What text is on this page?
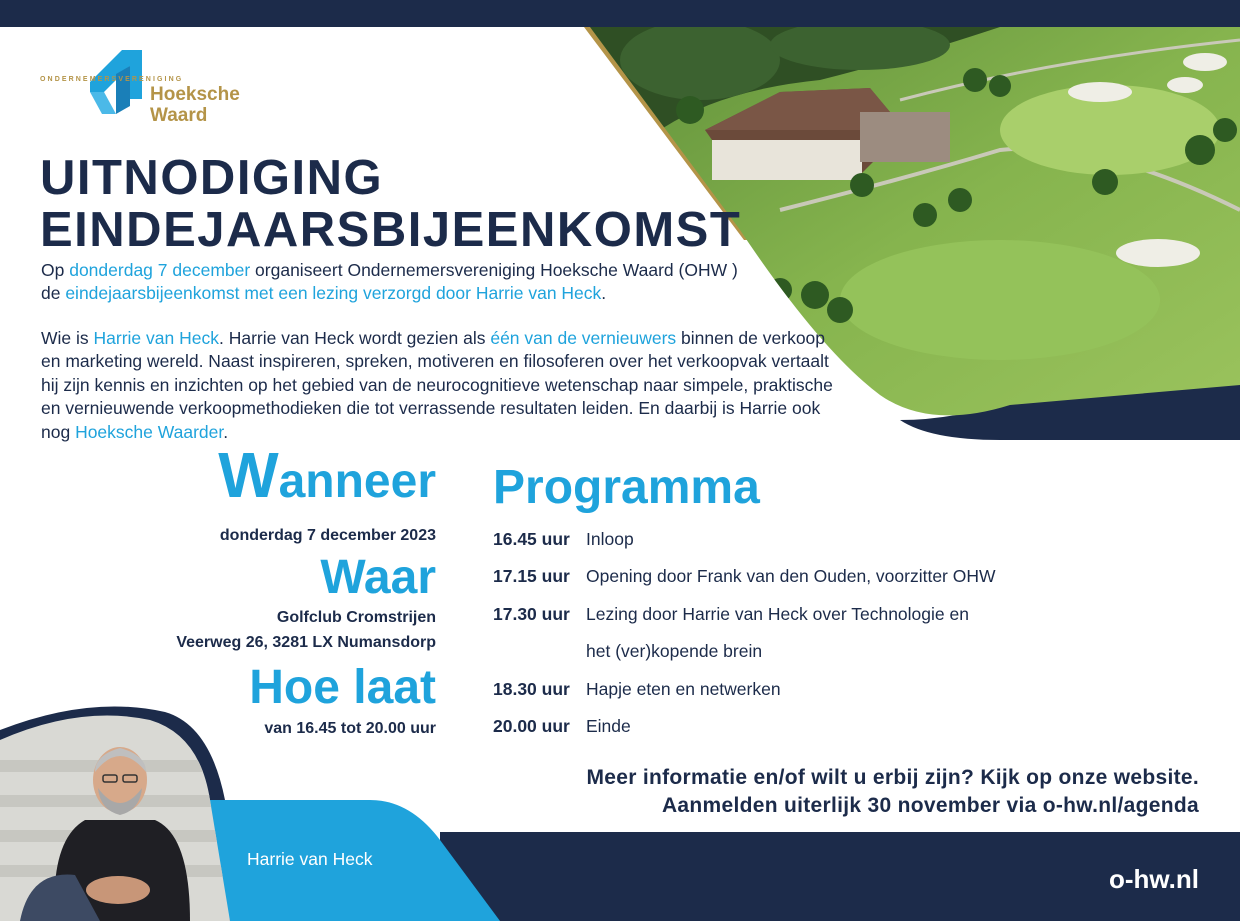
ONDERNEMERSVERENIGING
Hoeksche
Waard
UITNODIGING
EINDEJAARSBIJEENKOMST
Op donderdag 7 december organiseert Ondernemersvereniging Hoeksche Waard (OHW )
de eindejaarsbijeenkomst met een lezing verzorgd door Harrie van Heck.
Wie is Harrie van Heck. Harrie van Heck wordt gezien als één van de vernieuwers binnen de verkoop en marketing wereld. Naast inspireren, spreken, motiveren en filosoferen over het verkoopvak vertaalt hij zijn kennis en inzichten op het gebied van de neurocognitieve wetenschap naar simpele, praktische en vernieuwende verkoopmethodieken die tot verrassende resultaten leiden. En daarbij is Harrie ook nog Hoeksche Waarder.
Wanneer
donderdag 7 december 2023
Waar
Golfclub Cromstrijen
Veerweg 26, 3281 LX Numansdorp
Hoe laat
van 16.45 tot 20.00 uur
Programma
16.45 uur Inloop
17.15 uur Opening door Frank van den Ouden, voorzitter OHW
17.30 uur Lezing door Harrie van Heck over Technologie en
het (ver)kopende brein
18.30 uur Hapje eten en netwerken
20.00 uur Einde
Meer informatie en/of wilt u erbij zijn? Kijk op onze website.
Aanmelden uiterlijk 30 november via o-hw.nl/agenda
Harrie van Heck
o-hw.nl
